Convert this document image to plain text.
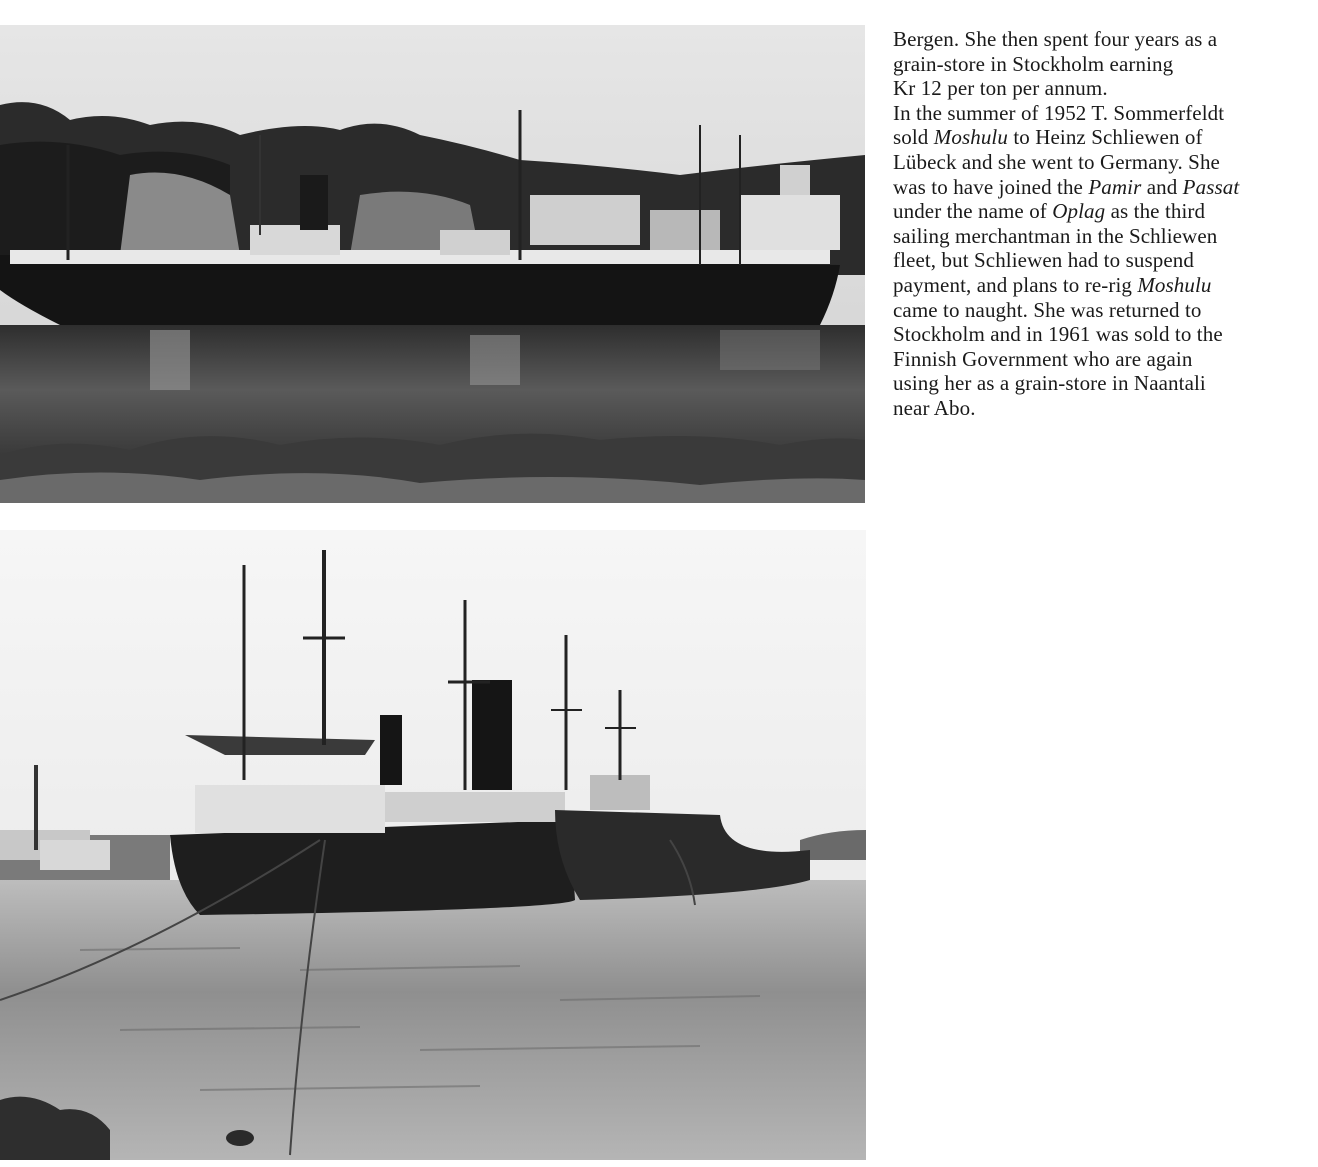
Bergen. She then spent four years as a
grain-store in Stockholm earning
Kr 12 per ton per annum.

In the summer of 1952 T. Sommerfeldt
sold Moshulu to Heinz Schliewen of
Lübeck and she went to Germany. She
was to have joined the Pamir and Passat
under the name of Oplag as the third
sailing merchantman in the Schliewen
fleet, but Schliewen had to suspend
payment, and plans to re-rig Moshulu
came to naught. She was returned to
Stockholm and in 1961 was sold to the
Finnish Government who are again
using her as a grain-store in Naantali
near Abo.
